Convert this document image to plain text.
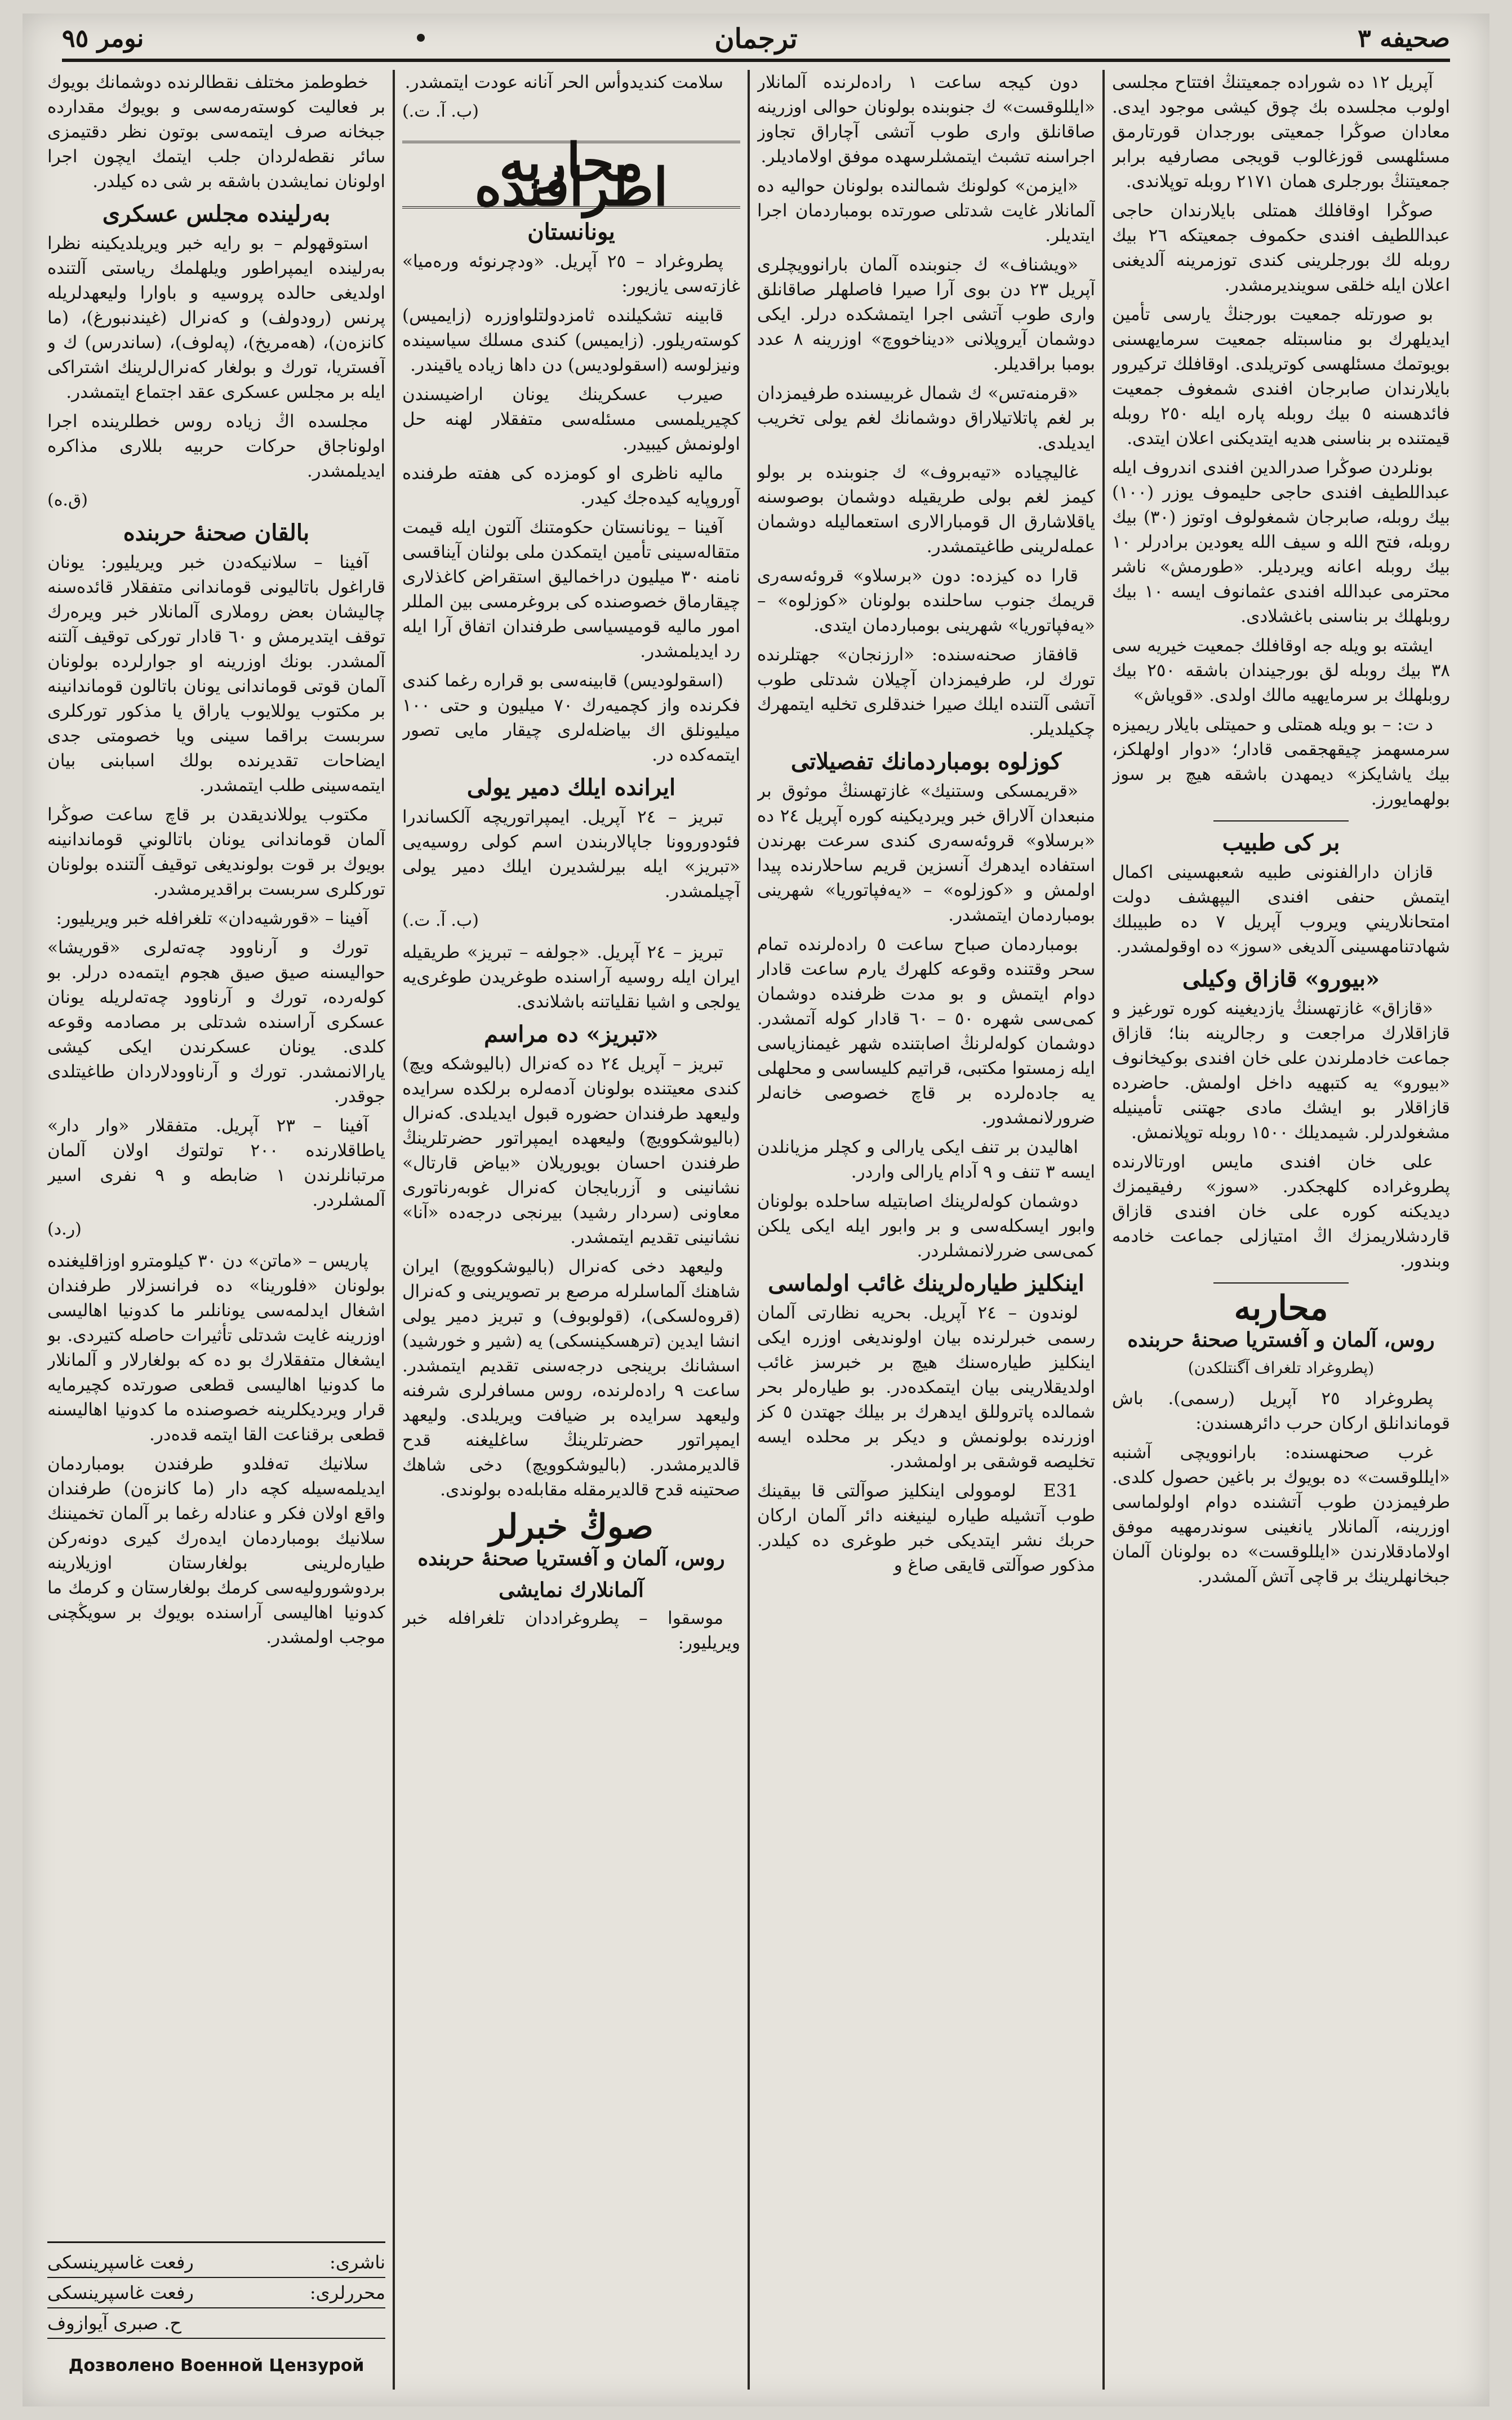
صحيفه ٣
ترجمان
نومر ٩٥

آپريل ١٢ ده شوراده جمعيتنڭ افتتاح مجلسى اولوب مجلسده بك چوق كيشى موجود ايدى. معادان صوڭرا جمعيتى بورجدان قورتارمق مسئلهسى قوزغالوب قويجى مصارفيه برابر جمعيتنڭ بورجلرى همان ٢١٧١ روبله توپلاندى.

صوڭرا اوقافلك همتلى بايلارندان حاجى عبداللطيف افندى حكموف جمعيتكه ٢٦ بيك روبله لك بورجلرينى كندى توزمرينه آلديغنى اعلان ايله خلقى سوينديرمشدر.

بو صورتله جمعيت بورجنڭ يارسى تأمين ايديلهرك بو مناسبتله جمعيت سرمايهسنى بويوتمك مسئلهسى كوتريلدى. اوقافلك تركيرور بايلارندان صابرجان افندى شمغوف جمعيت فائدهسنه ٥ بيك روبله پاره ايله ٢٥٠ روبله قيمتنده بر بناسنى هديه ايتديكنى اعلان ايتدى.

بونلردن صوڭرا صدرالدين افندى اندروف ايله عبداللطيف افندى حاجى حليموف يوزر (١٠٠) بيك روبله، صابرجان شمغولوف اوتوز (٣٠) بيك روبله، فتح الله و سيف الله يعودين برادرلر ١٠ بيك روبله اعانه ويرديلر. «طورمش» ناشر محترمى عبدالله افندى عثمانوف ايسه ١٠ بيك روبلهلك بر بناسنى باغشلادى.

ايشته بو ويله جه اوقافلك جمعيت خيريه سى ٣٨ بيك روبله لق بورجيندان باشقه ٢٥٠ بيك روبلهلك بر سرمايهيه مالك اولدى. «قوياش»

د ت: – بو ويله همتلى و حميتلى بايلار ريميزه سرمسهمز چيقهجقمى قادار؛ «دوار اولهلكز، بيك ياشايكز» ديمهدن باشقه هيچ بر سوز بولهمايورز.

بر كى طبيب

قازان دارالفنونى طبيه شعبهسينى اكمال ايتمش حنفى افندى اليپهشف دولت امتحانلاريني ويروب آپريل ٧ ده طبيبلك شهادتنامهسينى آلديغى «سوز» ده اوقولمشدر.

«بيورو» قازاق وكيلى

«قازاق» غازتهسنڭ يازديغينه كوره تورغيز و قازاقلارك مراجعت و رجالرينه بنا؛ قازاق جماعت خادملرندن على خان افندى بوكيخانوف «بيورو» يه كتبهيه داخل اولمش. حاضرده قازاقلار بو ايشك مادى جهتنى تأمينيله مشغولدرلر. شيمديلك ١٥٠٠ روبله توپلانمش.

على خان افندى مايس اورتالارنده پطروغراده كلهجكدر. «سوز» رفيقيمزك ديديكنه كوره على خان افندى قازاق قاردشلاريمزك اڭ امتيازلى جماعت خادمه وبندور.

محاربه
روس، آلمان و آفستريا صحنهٔ حربنده
(پطروغراد تلغراف آگنتلكدن)

پطروغراد ٢٥ آپريل (رسمى). باش قوماندانلق اركان حرب دائرهسندن:

غرب صحنهسنده: بارانوويچى آشنبه «ايللوقست» ده بويوك بر باغين حصول كلدى. طرفيمزدن طوب آتشنده دوام اولولماسى اوزرينه، آلمانلار يانغينى سوندرمهيه موفق اولامادقلارندن «ايللوقست» ده بولونان آلمان جبخانهلرينك بر قاچى آتش آلمشدر.

دون كيجه ساعت ١ راده‌لرنده آلمانلار «ايللوقست» ك جنوبنده بولونان حوالى اوزرينه صاقانلق وارى طوب آتشى آچاراق تجاوز اجراسنه تشبث ايتمشلرسهده موفق اولاماديلر.

«ايزمن» كولونك شمالنده بولونان حواليه ده آلمانلار غايت شدتلى صورتده بومباردمان اجرا ايتديلر.

«ويشناف» ك جنوبنده آلمان بارانوويچلرى آپريل ٢٣ دن بوى آرا صيرا فاصلهلر صاقانلق وارى طوب آتشى اجرا ايتمشكده درلر. ايكى دوشمان آيروپلانى «ديناخووچ» اوزرينه ٨ عدد بومبا براقديلر.

«قرمنه‌تس» ك شمال غربيسنده طرفيمزدان بر لغم پاتلاتيلاراق دوشمانك لغم يولى تخريب ايديلدى.

غاليچياده «تيه‌بروف» ك جنوبنده بر بولو كيمز لغم بولى طريقيله دوشمان بوصوسنه ياقلاشارق ال قومبارالارى استعماليله دوشمان عمله‌لرينى طاغيتمشدر.

قارا ده كيزده: دون «برسلاو» قروئەسەرى قريمك جنوب ساحلنده بولونان «كوزلوه» – «يه‌فپاتوريا» شهرينى بومباردمان ايتدى.

قافقاز صحنه‌سنده: «ارزنجان» جهتلرنده تورك لر، طرفيمزدان آچيلان شدتلى طوب آتشى آلتنده ايلك صيرا خندقلرى تخليه ايتمهرك چكيلديلر.

كوزلوه بومباردمانك تفصيلاتى

«قريمسكى وستنيك» غازتهسنڭ موثوق بر منبعدان آلاراق خبر ويرديكينه كوره آپريل ٢٤ ده «برسلاو» قروئەسەرى كندى سرعت بهرندن استفاده ايدهرك آنسزين قريم ساحلارنده پيدا اولمش و «كوزلوه» – «يه‌فپاتوريا» شهرينى بومباردمان ايتمشدر.

بومباردمان صباح ساعت ٥ راده‌لرنده تمام سحر وقتنده وقوعه كلهرك يارم ساعت قادار دوام ايتمش و بو مدت ظرفنده دوشمان كمى‌سى شهره ٥٠ – ٦٠ قادار كوله آتمشدر. دوشمان كوله‌لرنڭ اصابتنده شهر غيمنازياسى ايله زمستوا مكتبى، قراتيم كليساسى و محلهلى يه جاده‌لرده بر قاچ خصوصى خانه‌لر ضرورلانمشدور.

اهاليدن بر تنف ايكى يارالى و كچلر مزيانلدن ايسه ٣ تنف و ٩ آدام يارالى واردر.

دوشمان كوله‌لرينك اصابتيله ساحلده بولونان وابور ايسكله‌سى و بر وابور ايله ايكى يلكن كمى‌سى ضررلانمشلردر.

اينكليز طياره‌لرينك غائب اولماسى

لوندون – ٢٤ آپريل. بحريه نظارتى آلمان رسمى خبرلرنده بيان اولونديغى اوزره ايكى اينكليز طياره‌سنك هيچ بر خبرسز غائب اولديقلارينى بيان ايتمكده‌در. بو طياره‌لر بحر شمالده پاتروللق ايدهرك بر بيلك جهتدن ٥ كز اوزرنده بولونمش و ديكر بر محلده ايسه تخليصه قوشقى بر اولمشدر.

E31 لوموولى اينكليز صوآلتى قا بيقينك طوب آتشيله طياره لينيغنه دائر آلمان اركان حربك نشر ايتديكى خبر طوغرى ده كيلدر. مذكور صوآلتى قايقى صاغ و

سلامت كنديدوأس الحر آنانه عودت ايتمشدر.

(ب. آ. ت.)
محاربه اطرافنده
يونانستان

پطروغراد – ٢٥ آپريل. «ودچرنوئه وره‌ميا» غازته‌سى يازيور:

قابينه تشكيلنده ثامزدولتلواوزره (زايميس) كوسته‌ريلور. (زايميس) كندى مسلك سياسينده ونيزلوسه (اسقولوديس) دن داها زياده ياقيندر.

صيرب عسكرينك يونان اراضيسندن كچيريلمسى مسئله‌سى متفقلار لهنه حل اولونمش كيبيدر.

ماليه ناظرى او كومزده كى هفته طرفنده آوروپايه كيده‌جك كيدر.

آفينا – يونانستان حكومتنك آلتون ايله قيمت متقاله‌سينى تأمين ايتمكدن ملى بولنان آيناقسى نامنه ٣٠ ميليون دراخماليق استقراض كاغذلارى چيقارماق خصوصنده كى بروغرمسى بين المللر امور ماليه قوميسياسى طرفندان اتفاق آرا ايله رد ايديلمشدر.

(اسقولوديس) قابينه‌سى بو قراره رغما كندى فكرنده واز كچميه‌رك ٧٠ ميليون و حتى ١٠٠ ميليونلق اك بياضله‌لرى چيقار مايى تصور ايتمه‌كده در.

ايرانده ايلك دمير يولى

تبريز – ٢٤ آپريل. ايمپراتوريچه آلكساندرا فئودوروونا جاپالاربندن اسم كولى روسيه‌يى «تبريز» ايله بيرلشديرن ايلك دمير يولى آچيلمشدر.

(ب. آ. ت.)

تبريز – ٢٤ آپريل. «جولفه – تبريز» طريقيله ايران ايله روسيه آراسنده طوغريدن طوغرى‌يه يولجى و اشيا نقلياتنه باشلاندى.

«تبريز» ده مراسم

تبريز – آپريل ٢٤ ده كه‌نرال (باليوشكه ويچ) كندى معيتنده بولونان آدمه‌لره برلكده سرايده وليعهد طرفندان حضوره قبول ايديلدى. كه‌نرال (باليوشكوويچ) وليعهده ايمپراتور حضرتلرينڭ طرفندن احسان بويوريلان «بياض قارتال» نشانينى و آزربايجان كه‌نرال غوبه‌رناتورى معاونى (سردار رشيد) بيرنجى درجه‌ده «آنا» نشانينى تقديم ايتمشدر.

وليعهد دخى كه‌نرال (باليوشكوويچ) ايران شاهنك آلماسلرله مرصع بر تصويرينى و كه‌نرال (قروه‌لسكى)، (قولوبوف) و تبريز دمير يولى انشا ايدين (ترهسكينسكى) يه (شير و خورشيد) اسشانك برينجى درجه‌سنى تقديم ايتمشدر. ساعت ٩ راده‌لرنده، روس مسافرلرى شرفنه وليعهد سرايده بر ضيافت ويريلدى. وليعهد ايمپراتور حضرتلرينڭ ساغليغنه قدح قالديرمشدر. (باليوشكوويچ) دخى شاهك صحتينه قدح قالديرمقله مقابله‌ده بولوندى.

صوڭ خبرلر
روس، آلمان و آفستريا صحنهٔ حربنده
آلمانلارك نمايشى

موسقوا – پطروغراددان تلغرافله خبر ويريليور:

خطوطمز مختلف نقطالرنده دوشمانك بويوك بر فعاليت كوستەرمه‌سى و بويوك مقداردە جبخانه صرف ايتمه‌سى بوتون نظر دقتيمزى سائر نقطه‌لردان جلب ايتمك ايچون اجرا اولونان نمايشدن باشقه بر شى ده كيلدر.

به‌رلينده مجلس عسكرى

استوقهولم – بو رايه خبر ويريلديكينه نظرا به‌رلينده ايمپراطور ويلهلمك رياستى آلتنده اولديغى حالده پروسيه و باوارا وليعهدلريله پرنس (رودولف) و كه‌نرال (غيندنبورغ)، (ما كانزه‌ن)، (هه‌مريخ)، (پەلوف)، (ساندرس) ك و آفستريا، تورك و بولغار كه‌نرال‌لرينك اشتراكى ايله بر مجلس عسكرى عقد اجتماع ايتمشدر.

مجلسده اڭ زياده روس خطلرينده اجرا اولوناجاق حركات حربيه بللارى مذاكره ايديلمشدر.

(ق.ه)
بالقان صحنهٔ حربنده

آفينا – سلانيكەدن خبر ويريليور: يونان قاراغول باتاليونى قوماندانى متفقلار قائدە‌سنە چالیشان بعض روملارى آلمانلار خبر ويرەرك توقف ايتديرمش و ٦٠ قادار توركى توقيف آلتنه آلمشدر. بونك اوزرينه او جوارلرده بولونان آلمان قوتى قوماندانى يونان باتالون قوماندانينه بر مكتوب يوللايوب ياراق يا مذكور توركلرى سربست براقما سينى ويا خصومتى جدى ايضاحات تقديرنده بولك اسبابنى بيان ايتمەسينى طلب ايتمشدر.

مكتوب يوللانديقدن بر قاچ ساعت صوڭرا آلمان قوماندانى يونان باتالوني قوماندانينه بويوك بر قوت بولونديغى توقيف آلتنده بولونان توركلرى سربست براقديرمشدر.

آفينا – «قورشيه‌دان» تلغرافله خبر ويريليور:

تورك و آرناوود چه‌تەلرى «قوريشا» حواليسنە صيق صيق هجوم ايتمه‌ده درلر. بو كولەرده، تورك و آرناوود چه‌تەلريله يونان عسكرى آراسنده شدتلى بر مصادمه وقوعه كلدى. يونان عسكرندن ايكى كيشى يارالانمشدر. تورك و آرناوودلاردان طاغيتلدى جوقدر.

آفينا – ٢٣ آپريل. متفقلار «وار دار» ياطاقلارنده ٢٠٠ تولتوك اولان آلمان مرتبانلرندن ١ ضابطه و ٩ نفرى اسير آلمشلردر.

(ر.د)

پاريس – «ماتن» دن ٣٠ كيلومترو اوزاقليغنده بولونان «فلورينا» ده فرانسزلار طرفندان اشغال ايدلمەسى يونانلىر ما كدونيا اهاليسى اوزرينه غايت شدتلى تأثيرات حاصله كتيردى. بو ايشغال متفقلارك بو ده كه بولغارلار و آلمانلار ما كدونيا اهاليسى قطعى صورتده كچيرمايه قرار ويرديكلرينه خصوصنده ما كدونيا اهاليسنه قطعى برقناعت القا ايتمه قده‌در.

سلانيك ته‌فلدو طرفندن بومباردمان ايديلمه‌سيله كچه دا‌ر (ما كانزه‌ن) طرفندان واقع اولان فكر و عنادله رغما بر آلمان تخميننك سلانيك بومباردمان ايده‌رك كيرى دونه‌ركن طياره‌لرينى بولغارستان اوزيلارينه بردوشوروليه‌سى كرمك بولغارستان و كرمك ما كدونيا اهاليسى آراسنده بويوك بر سويڭچنى موجب اولمشدر.

ناشرى:
رفعت غاسپرينسكى
محررلرى:
رفعت غاسپرينسكى
ح. صبرى آيوازوف
Дозволено Военной Цензурой
